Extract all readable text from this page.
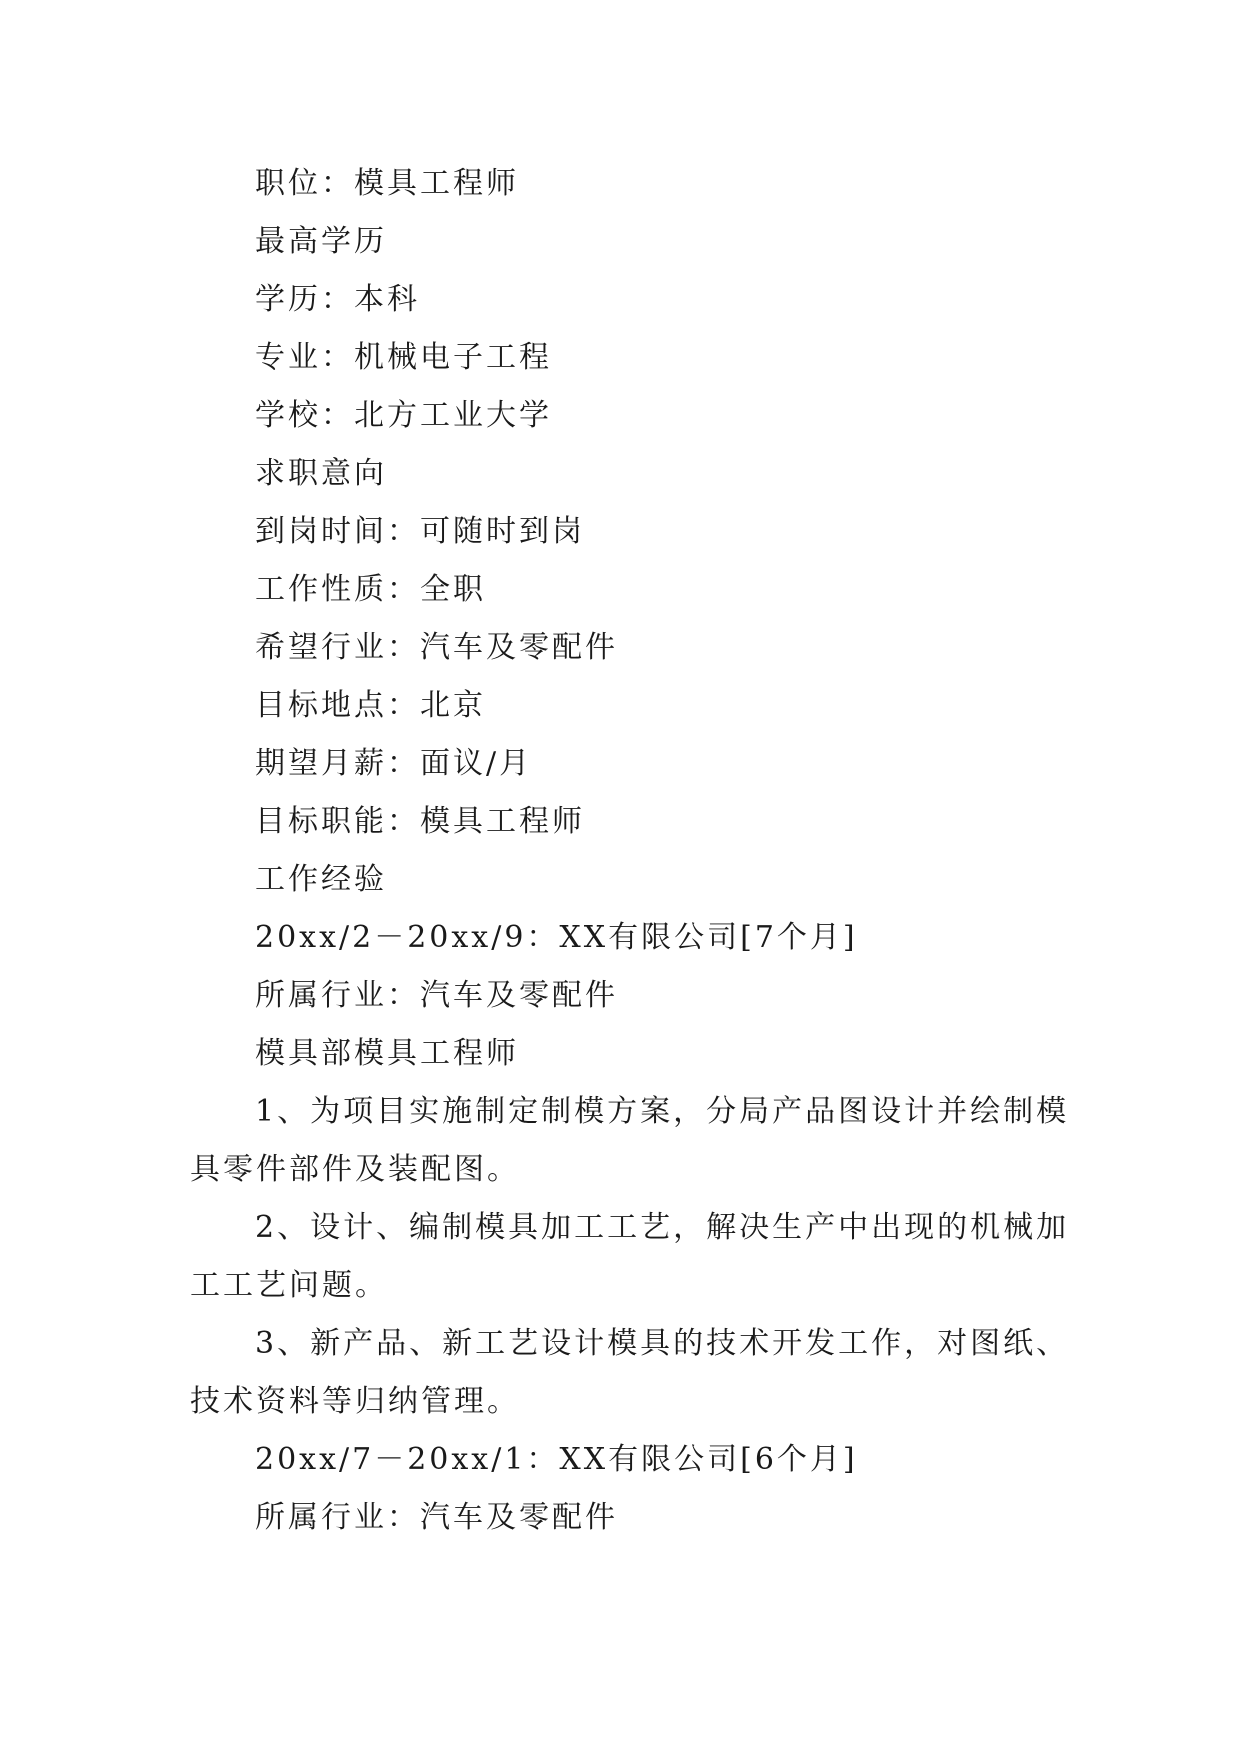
职位：模具工程师
最高学历
学历：本科
专业：机械电子工程
学校：北方工业大学
求职意向
到岗时间：可随时到岗
工作性质：全职
希望行业：汽车及零配件
目标地点：北京
期望月薪：面议/月
目标职能：模具工程师
工作经验
20xx/2－20xx/9：XX有限公司[7个月]
所属行业：汽车及零配件
模具部模具工程师
1、为项目实施制定制模方案，分局产品图设计并绘制模具零件部件及装配图。
2、设计、编制模具加工工艺，解决生产中出现的机械加工工艺问题。
3、新产品、新工艺设计模具的技术开发工作，对图纸、技术资料等归纳管理。
20xx/7－20xx/1：XX有限公司[6个月]
所属行业：汽车及零配件
